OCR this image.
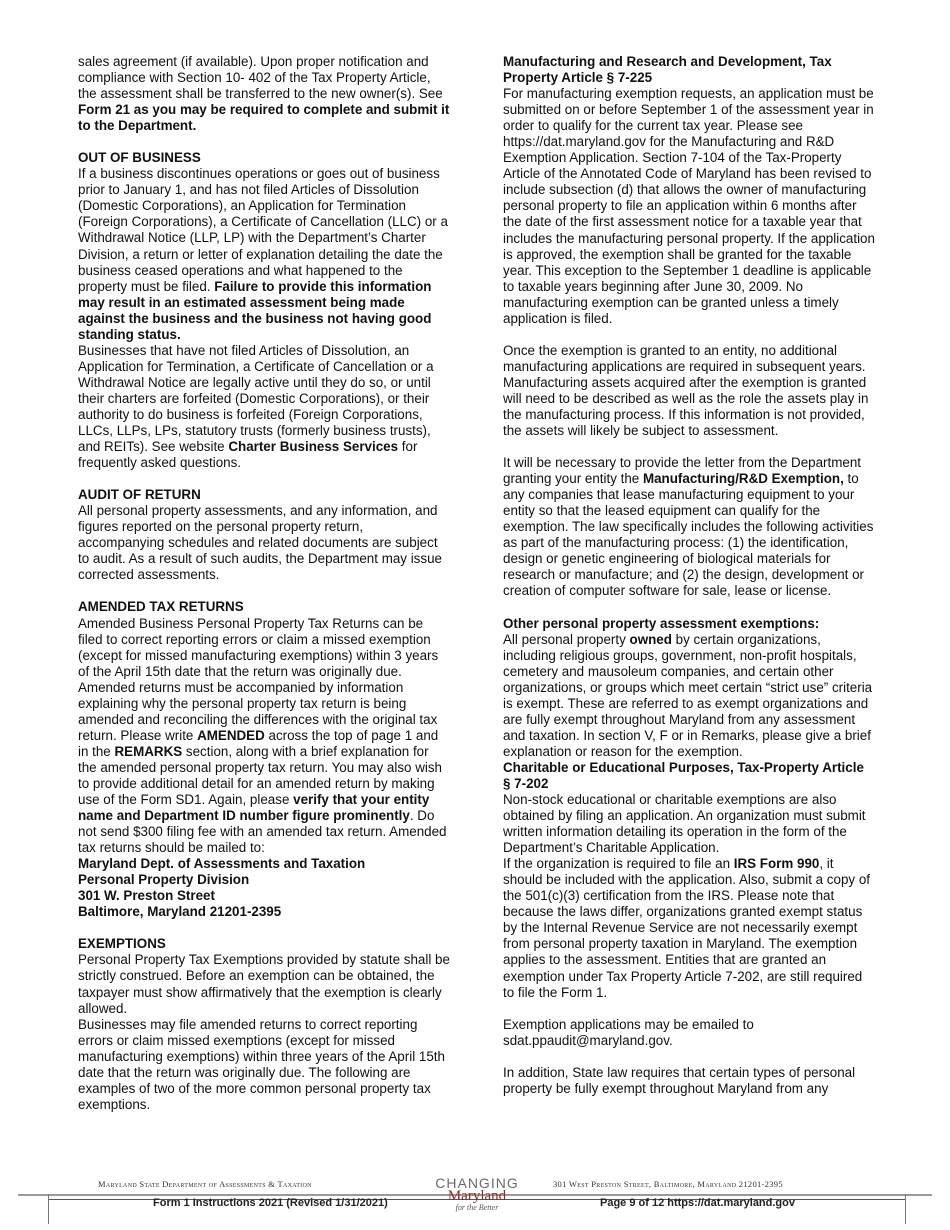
sales agreement (if available). Upon proper notification and compliance with Section 10- 402 of the Tax Property Article, the assessment shall be transferred to the new owner(s). See Form 21 as you may be required to complete and submit it to the Department.

OUT OF BUSINESS

If a business discontinues operations or goes out of business prior to January 1, and has not filed Articles of Dissolution (Domestic Corporations), an Application for Termination (Foreign Corporations), a Certificate of Cancellation (LLC) or a Withdrawal Notice (LLP, LP) with the Department’s Charter Division, a return or letter of explanation detailing the date the business ceased operations and what happened to the property must be filed. Failure to provide this information may result in an estimated assessment being made against the business and the business not having good standing status.

Businesses that have not filed Articles of Dissolution, an Application for Termination, a Certificate of Cancellation or a Withdrawal Notice are legally active until they do so, or until their charters are forfeited (Domestic Corporations), or their authority to do business is forfeited (Foreign Corporations, LLCs, LLPs, LPs, statutory trusts (formerly business trusts), and REITs). See website Charter Business Services for frequently asked questions.

AUDIT OF RETURN

All personal property assessments, and any information, and figures reported on the personal property return, accompanying schedules and related documents are subject to audit. As a result of such audits, the Department may issue corrected assessments.

AMENDED TAX RETURNS

Amended Business Personal Property Tax Returns can be filed to correct reporting errors or claim a missed exemption (except for missed manufacturing exemptions) within 3 years of the April 15th date that the return was originally due. Amended returns must be accompanied by information explaining why the personal property tax return is being amended and reconciling the differences with the original tax return. Please write AMENDED across the top of page 1 and in the REMARKS section, along with a brief explanation for the amended personal property tax return. You may also wish to provide additional detail for an amended return by making use of the Form SD1. Again, please verify that your entity name and Department ID number figure prominently. Do not send $300 filing fee with an amended tax return. Amended tax returns should be mailed to:

Maryland Dept. of Assessments and Taxation

Personal Property Division

301 W. Preston Street

Baltimore, Maryland 21201-2395

EXEMPTIONS

Personal Property Tax Exemptions provided by statute shall be strictly construed. Before an exemption can be obtained, the taxpayer must show affirmatively that the exemption is clearly allowed.

Businesses may file amended returns to correct reporting errors or claim missed exemptions (except for missed manufacturing exemptions) within three years of the April 15th date that the return was originally due. The following are examples of two of the more common personal property tax exemptions.

Manufacturing and Research and Development, Tax Property Article § 7-225

For manufacturing exemption requests, an application must be submitted on or before September 1 of the assessment year in order to qualify for the current tax year. Please see https://dat.maryland.gov for the Manufacturing and R&D Exemption Application. Section 7-104 of the Tax-Property Article of the Annotated Code of Maryland has been revised to include subsection (d) that allows the owner of manufacturing personal property to file an application within 6 months after the date of the first assessment notice for a taxable year that includes the manufacturing personal property. If the application is approved, the exemption shall be granted for the taxable year. This exception to the September 1 deadline is applicable to taxable years beginning after June 30, 2009. No manufacturing exemption can be granted unless a timely application is filed.

Once the exemption is granted to an entity, no additional manufacturing applications are required in subsequent years. Manufacturing assets acquired after the exemption is granted will need to be described as well as the role the assets play in the manufacturing process. If this information is not provided, the assets will likely be subject to assessment.

It will be necessary to provide the letter from the Department granting your entity the Manufacturing/R&D Exemption, to any companies that lease manufacturing equipment to your entity so that the leased equipment can qualify for the exemption. The law specifically includes the following activities as part of the manufacturing process: (1) the identification, design or genetic engineering of biological materials for research or manufacture; and (2) the design, development or creation of computer software for sale, lease or license.

Other personal property assessment exemptions:

All personal property owned by certain organizations, including religious groups, government, non-profit hospitals, cemetery and mausoleum companies, and certain other organizations, or groups which meet certain “strict use” criteria is exempt. These are referred to as exempt organizations and are fully exempt throughout Maryland from any assessment and taxation. In section V, F or in Remarks, please give a brief explanation or reason for the exemption.

Charitable or Educational Purposes, Tax-Property Article § 7-202

Non-stock educational or charitable exemptions are also obtained by filing an application. An organization must submit written information detailing its operation in the form of the Department’s Charitable Application.

If the organization is required to file an IRS Form 990, it should be included with the application. Also, submit a copy of the 501(c)(3) certification from the IRS. Please note that because the laws differ, organizations granted exempt status by the Internal Revenue Service are not necessarily exempt from personal property taxation in Maryland. The exemption applies to the assessment. Entities that are granted an exemption under Tax Property Article 7-202, are still required to file the Form 1.

Exemption applications may be emailed to sdat.ppaudit@maryland.gov.

In addition, State law requires that certain types of personal property be fully exempt throughout Maryland from any

Maryland State Department of Assessments & Taxation	301 West Preston Street, Baltimore, Maryland 21201-2395
Form 1 Instructions 2021 (Revised 1/31/2021)	Page 9 of 12 https://dat.maryland.gov
CHANGING
Maryland
for the Better
